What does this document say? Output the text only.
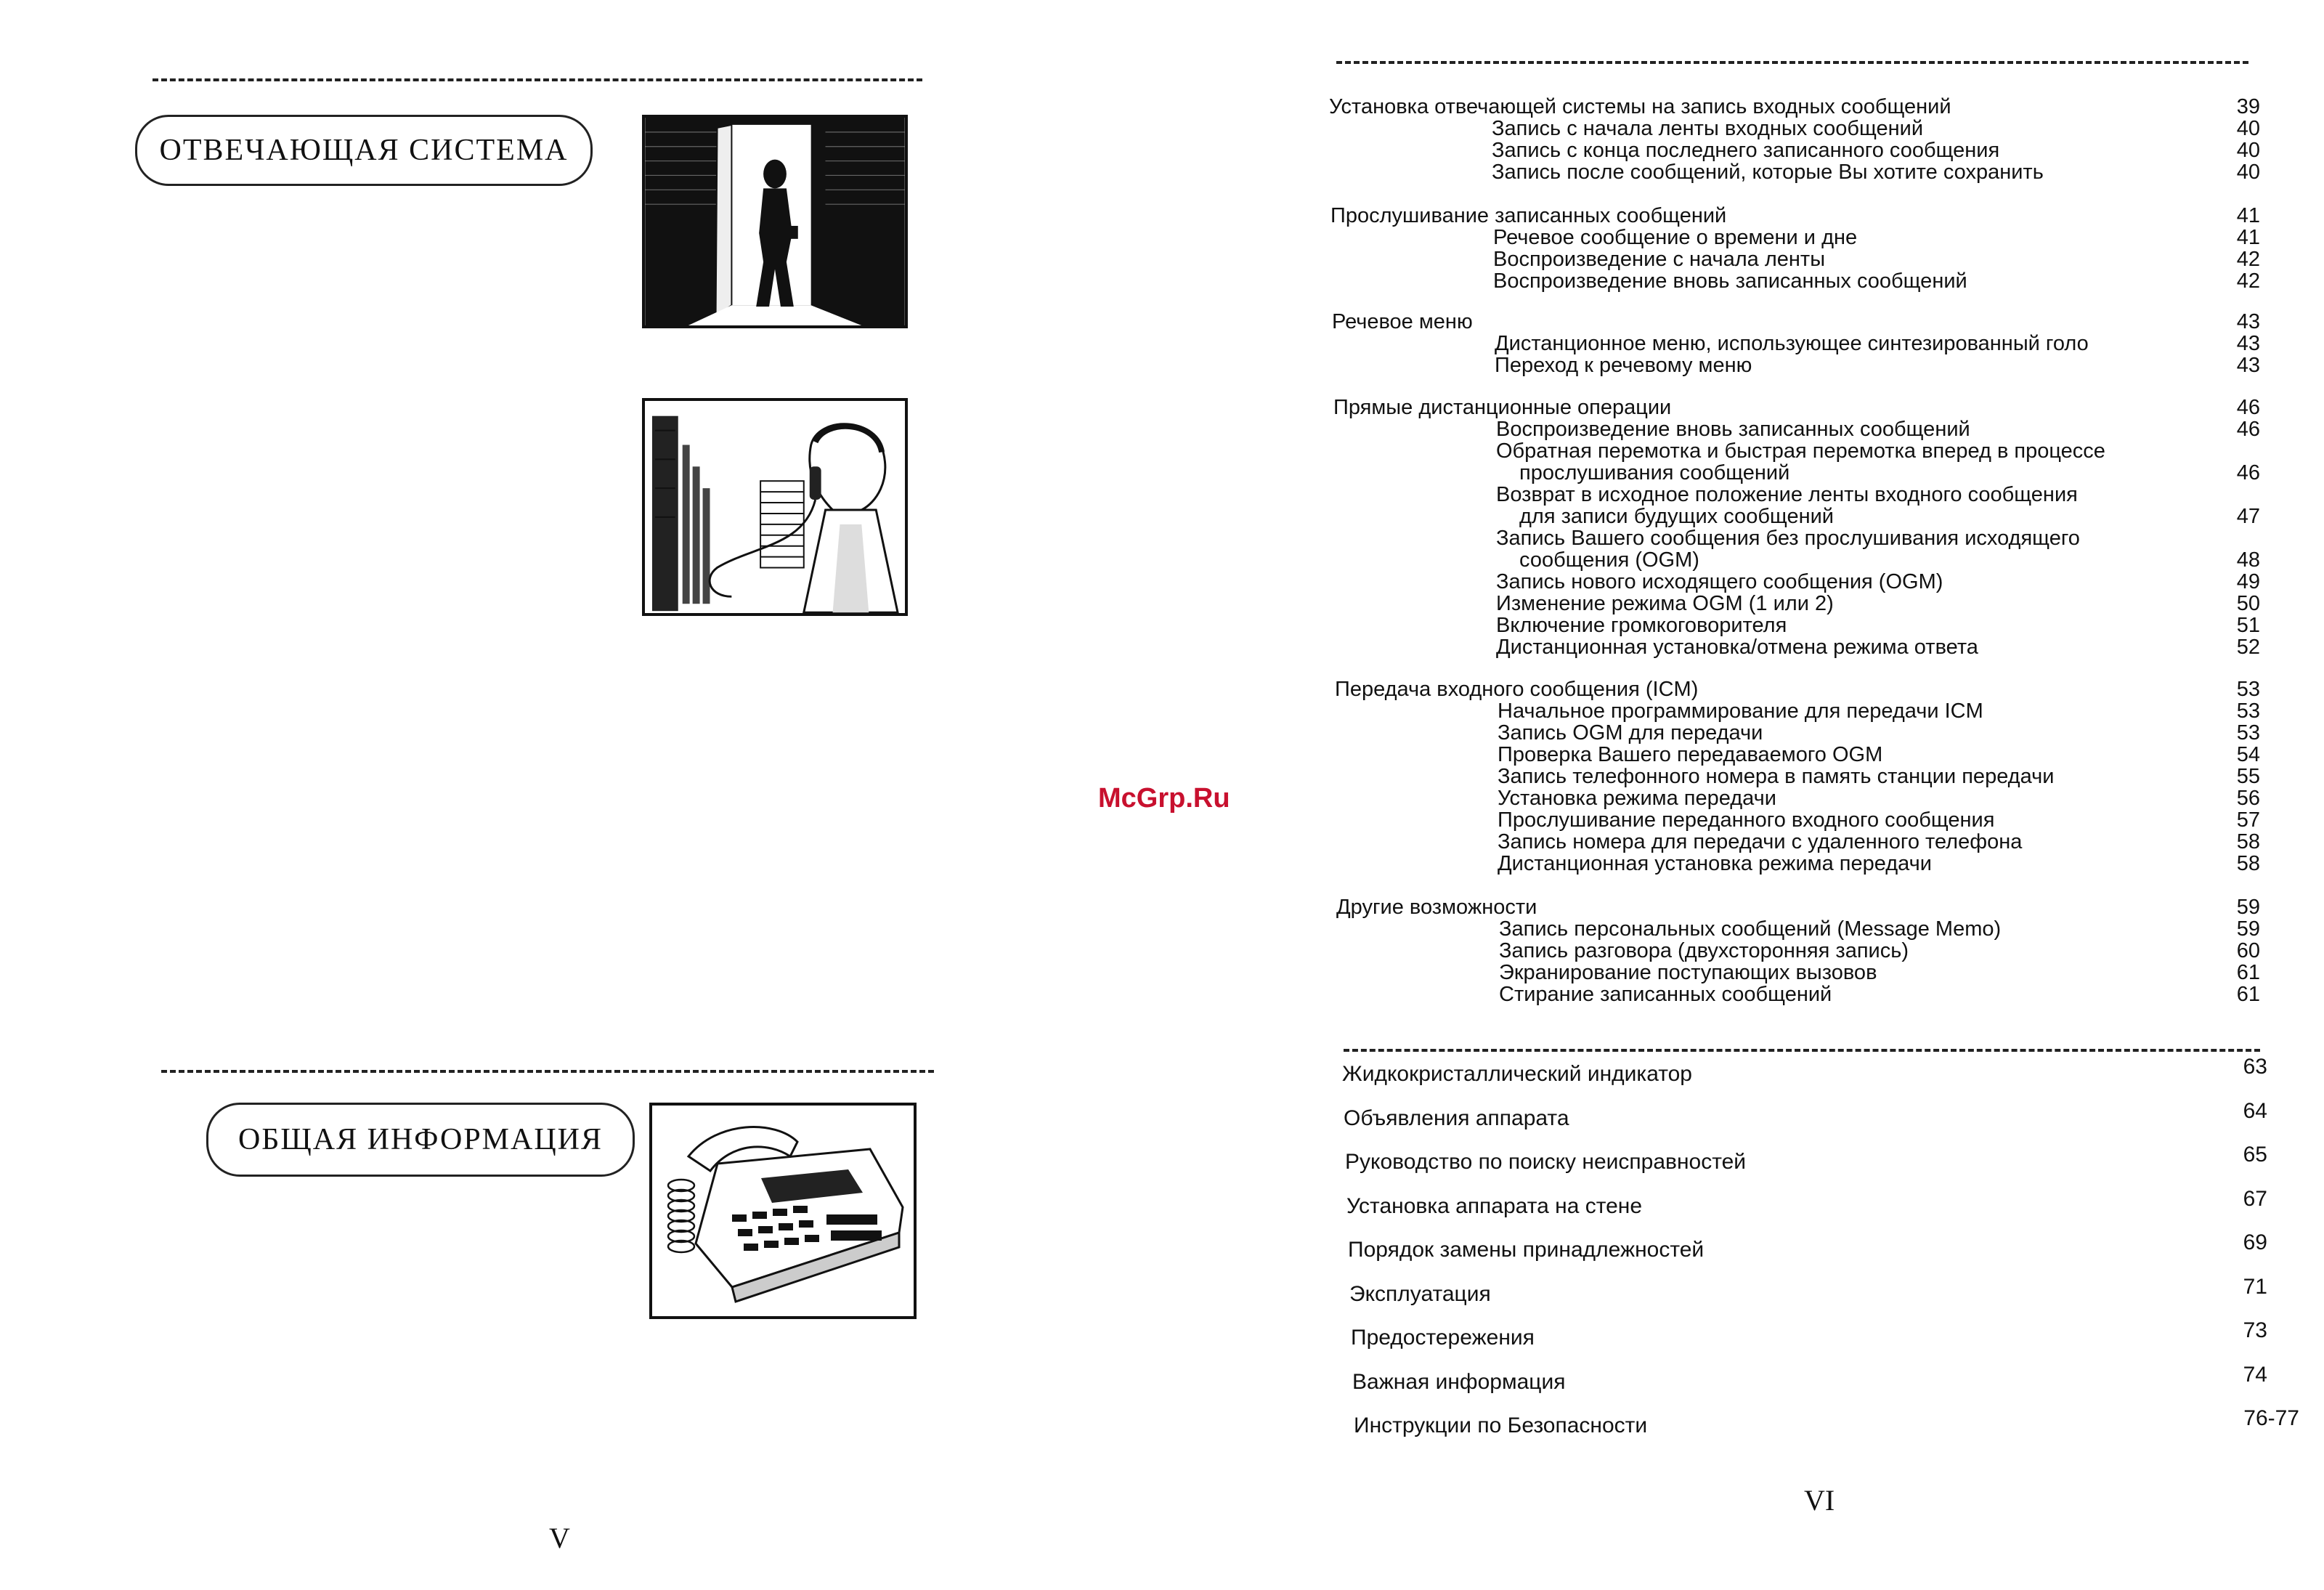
ОТВЕЧАЮЩАЯ СИСТЕМА
McGrp.Ru
ОБЩАЯ ИНФОРМАЦИЯ
V
Установка отвечающей системы на запись входных сообщений	39
Запись с начала ленты входных сообщений	40
Запись с конца последнего записанного сообщения	40
Запись после сообщений, которые Вы хотите сохранить	40
Прослушивание записанных сообщений	41
Речевое сообщение о времени и дне	41
Воспроизведение с начала ленты	42
Воспроизведение вновь записанных сообщений	42
Речевое меню	43
Дистанционное меню, использующее синтезированный голо	43
Переход к речевому меню	43
Прямые дистанционные операции	46
Воспроизведение вновь записанных сообщений	46
Обратная перемотка и быстрая перемотка вперед в процессе
прослушивания сообщений	46
Возврат в исходное положение ленты входного сообщения
для записи будущих сообщений	47
Запись Вашего сообщения без прослушивания исходящего
сообщения (OGM)	48
Запись нового исходящего сообщения (OGM)	49
Изменение режима OGM (1 или 2)	50
Включение громкоговорителя	51
Дистанционная установка/отмена режима ответа	52
Передача входного сообщения (ICM)	53
Начальное программирование для передачи ICM	53
Запись OGM для передачи	53
Проверка Вашего передаваемого OGM	54
Запись телефонного номера в память станции передачи	55
Установка режима передачи	56
Прослушивание переданного входного сообщения	57
Запись номера для передачи с удаленного телефона	58
Дистанционная установка режима передачи	58
Другие возможности	59
Запись персональных сообщений (Message Memo)	59
Запись разговора (двухсторонняя запись)	60
Экранирование поступающих вызовов	61
Стирание записанных сообщений	61
Жидкокристаллический индикатор	63
Объявления аппарата	64
Руководство по поиску неисправностей	65
Установка аппарата на стене	67
Порядок замены принадлежностей	69
Эксплуатация	71
Предостережения	73
Важная информация	74
Инструкции по Безопасности	76-77
VI
